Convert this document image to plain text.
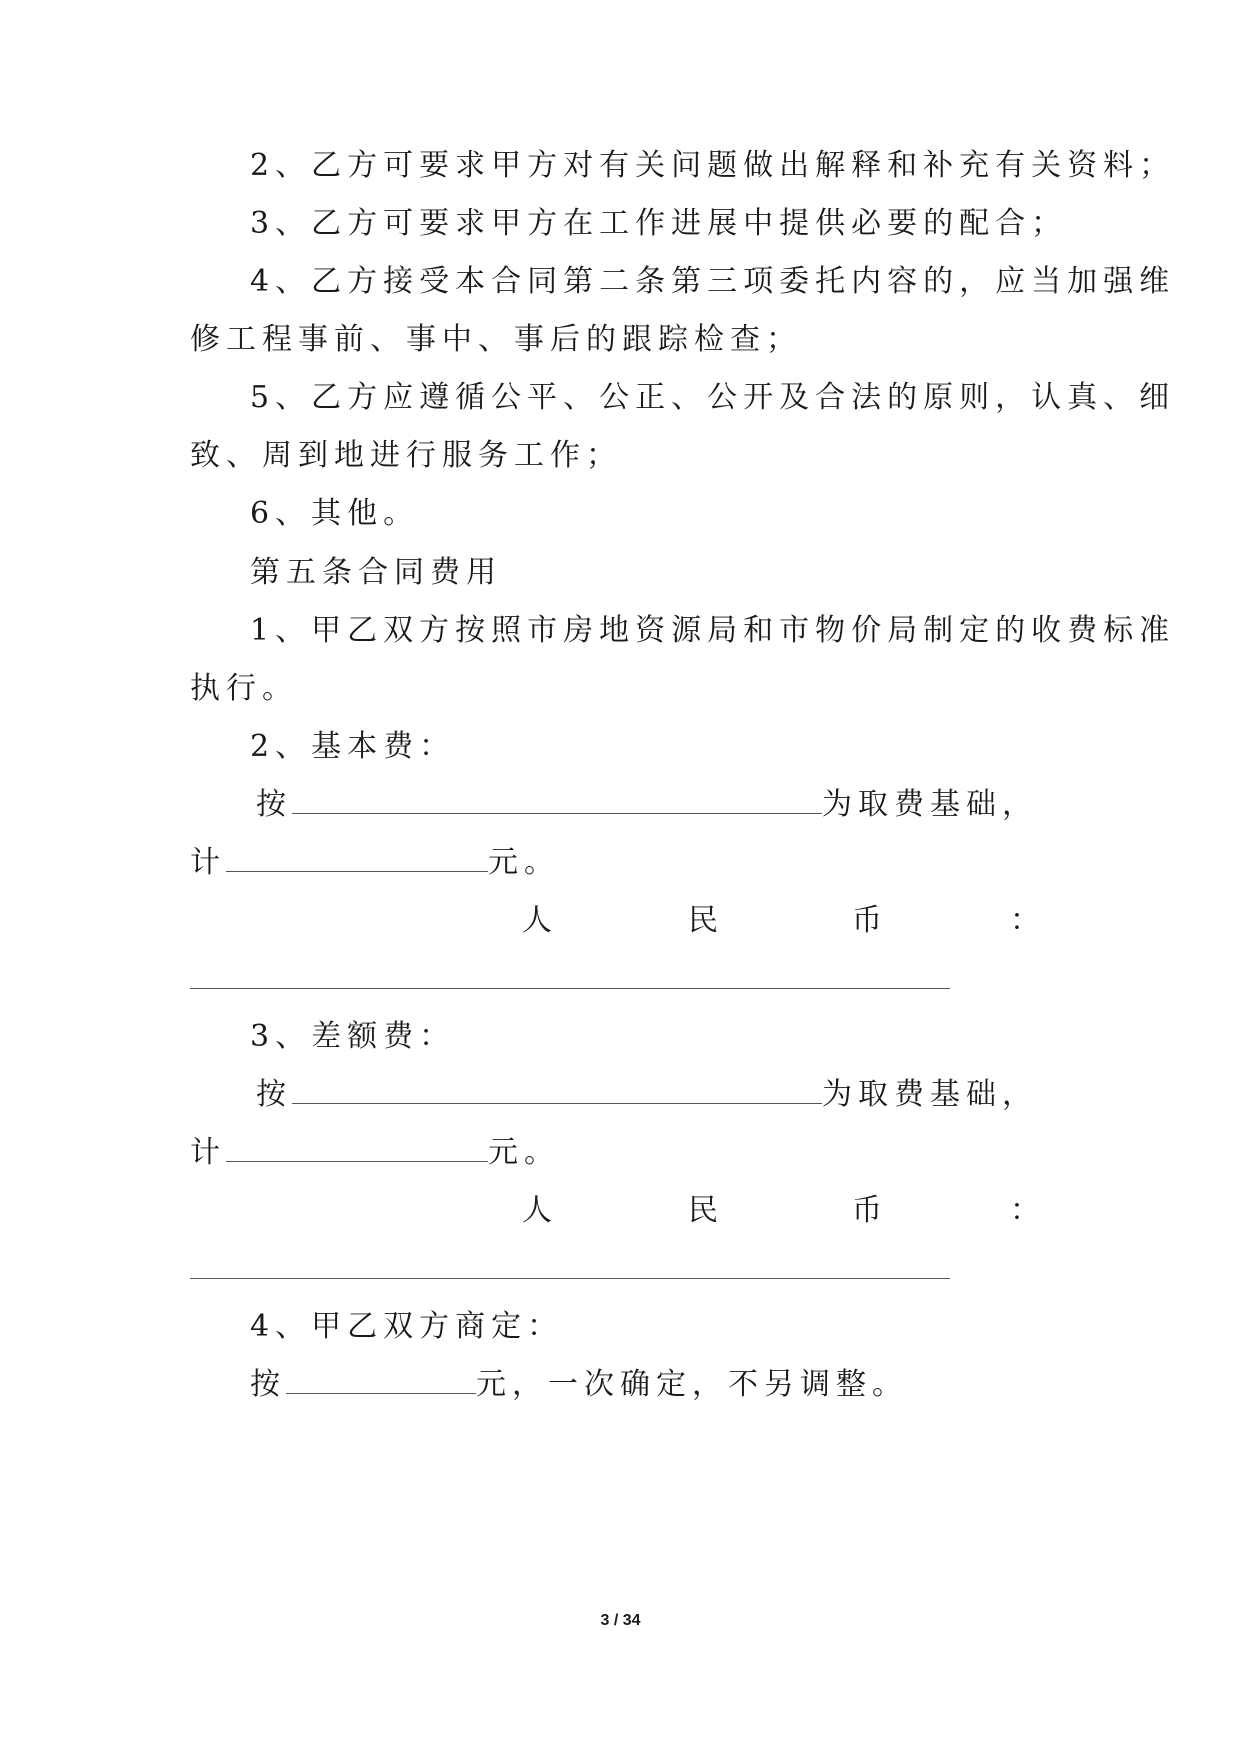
2、乙方可要求甲方对有关问题做出解释和补充有关资料；
3、乙方可要求甲方在工作进展中提供必要的配合；
4、乙方接受本合同第二条第三项委托内容的，应当加强维
修工程事前、事中、事后的跟踪检查；
5、乙方应遵循公平、公正、公开及合法的原则，认真、细
致、周到地进行服务工作；
6、其他。
第五条合同费用
1、甲乙双方按照市房地资源局和市物价局制定的收费标准
执行。
2、基本费：
按	为取费基础，
计	元。
人	民	币	：
3、差额费：
按	为取费基础，
计	元。
人	民	币	：
4、甲乙双方商定：
按	元，一次确定，不另调整。
3 / 34
